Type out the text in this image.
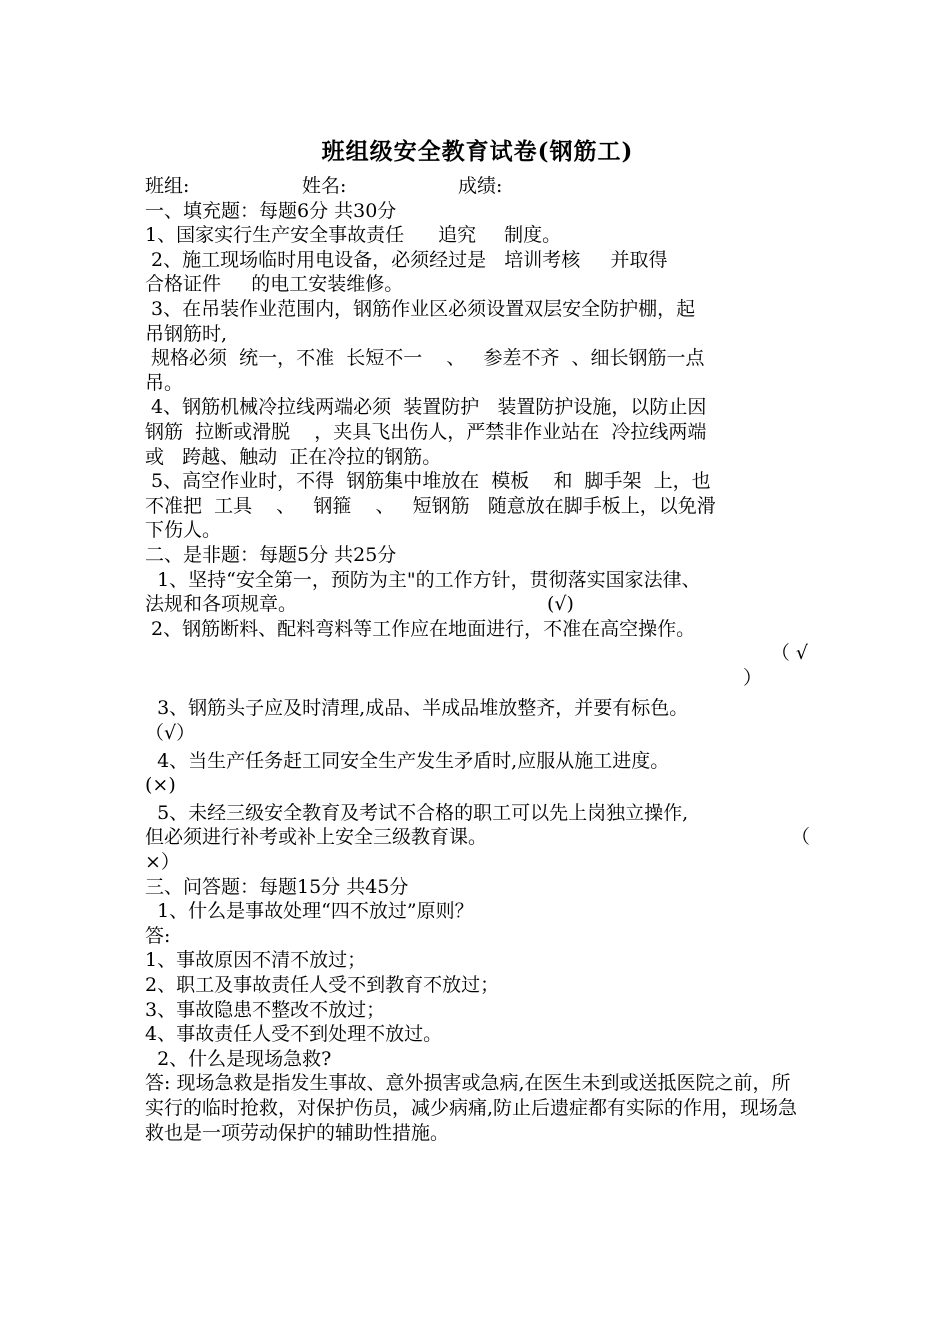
班组级安全教育试卷(钢筋工)
班组:	姓名:	成绩:
一、填充题：每题6分 共30分
1、国家实行生产安全事故责任 追究 制度。
2、施工现场临时用电设备，必须经过是   培训考核     并取得
合格证件     的电工安装维修。
3、在吊装作业范围内，钢筋作业区必须设置双层安全防护棚，起
吊钢筋时,
规格必须  统一，不准  长短不一    、   参差不齐  、细长钢筋一点
吊。
4、钢筋机械冷拉线两端必须  装置防护   装置防护设施，以防止因
钢筋  拉断或滑脱    ，夹具飞出伤人，严禁非作业站在  冷拉线两端
或   跨越、触动  正在冷拉的钢筋。
5、高空作业时，不得  钢筋集中堆放在  模板    和  脚手架  上，也
不准把  工具    、   钢箍    、   短钢筋   随意放在脚手板上，以免滑
下伤人。
二、是非题：每题5分 共25分
1、坚持“安全第一，预防为主"的工作方针，贯彻落实国家法律、
法规和各项规章。	(√)
2、钢筋断料、配料弯料等工作应在地面进行，不准在高空操作。
（ √
）
3、钢筋头子应及时清理,成品、半成品堆放整齐，并要有标色。
（√）
4、当生产任务赶工同安全生产发生矛盾时,应服从施工进度。
(×)
5、未经三级安全教育及考试不合格的职工可以先上岗独立操作,
但必须进行补考或补上安全三级教育课。	（
×）
三、问答题：每题15分 共45分
1、什么是事故处理“四不放过”原则？
答:
1、事故原因不清不放过；
2、职工及事故责任人受不到教育不放过；
3、事故隐患不整改不放过；
4、事故责任人受不到处理不放过。
2、什么是现场急救?
答: 现场急救是指发生事故、意外损害或急病,在医生未到或送抵医院之前，所实行的临时抢救，对保护伤员，减少病痛,防止后遗症都有实际的作用，现场急救也是一项劳动保护的辅助性措施。
